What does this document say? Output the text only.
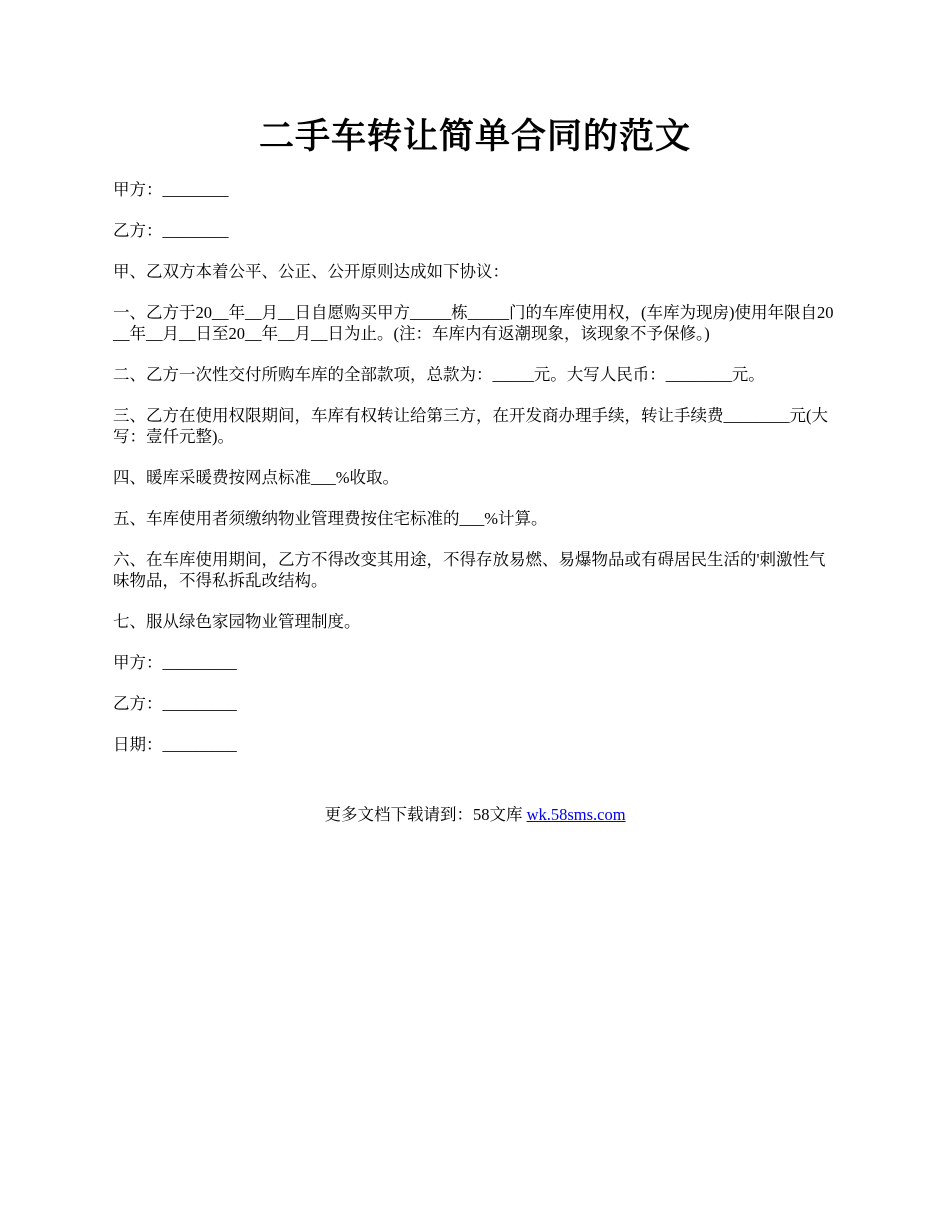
二手车转让简单合同的范文
甲方：________
乙方：________
甲、乙双方本着公平、公正、公开原则达成如下协议：
一、乙方于20__年__月__日自愿购买甲方_____栋_____门的车库使用权，(车库为现房)使用年限自20__年__月__日至20__年__月__日为止。(注：车库内有返潮现象，该现象不予保修。)
二、乙方一次性交付所购车库的全部款项，总款为：_____元。大写人民币：________元。
三、乙方在使用权限期间，车库有权转让给第三方，在开发商办理手续，转让手续费________元(大写：壹仟元整)。
四、暖库采暖费按网点标准___%收取。
五、车库使用者须缴纳物业管理费按住宅标准的___%计算。
六、在车库使用期间，乙方不得改变其用途，不得存放易燃、易爆物品或有碍居民生活的'刺激性气味物品，不得私拆乱改结构。
七、服从绿色家园物业管理制度。
甲方：_________
乙方：_________
日期：_________
更多文档下载请到：58文库 wk.58sms.com
